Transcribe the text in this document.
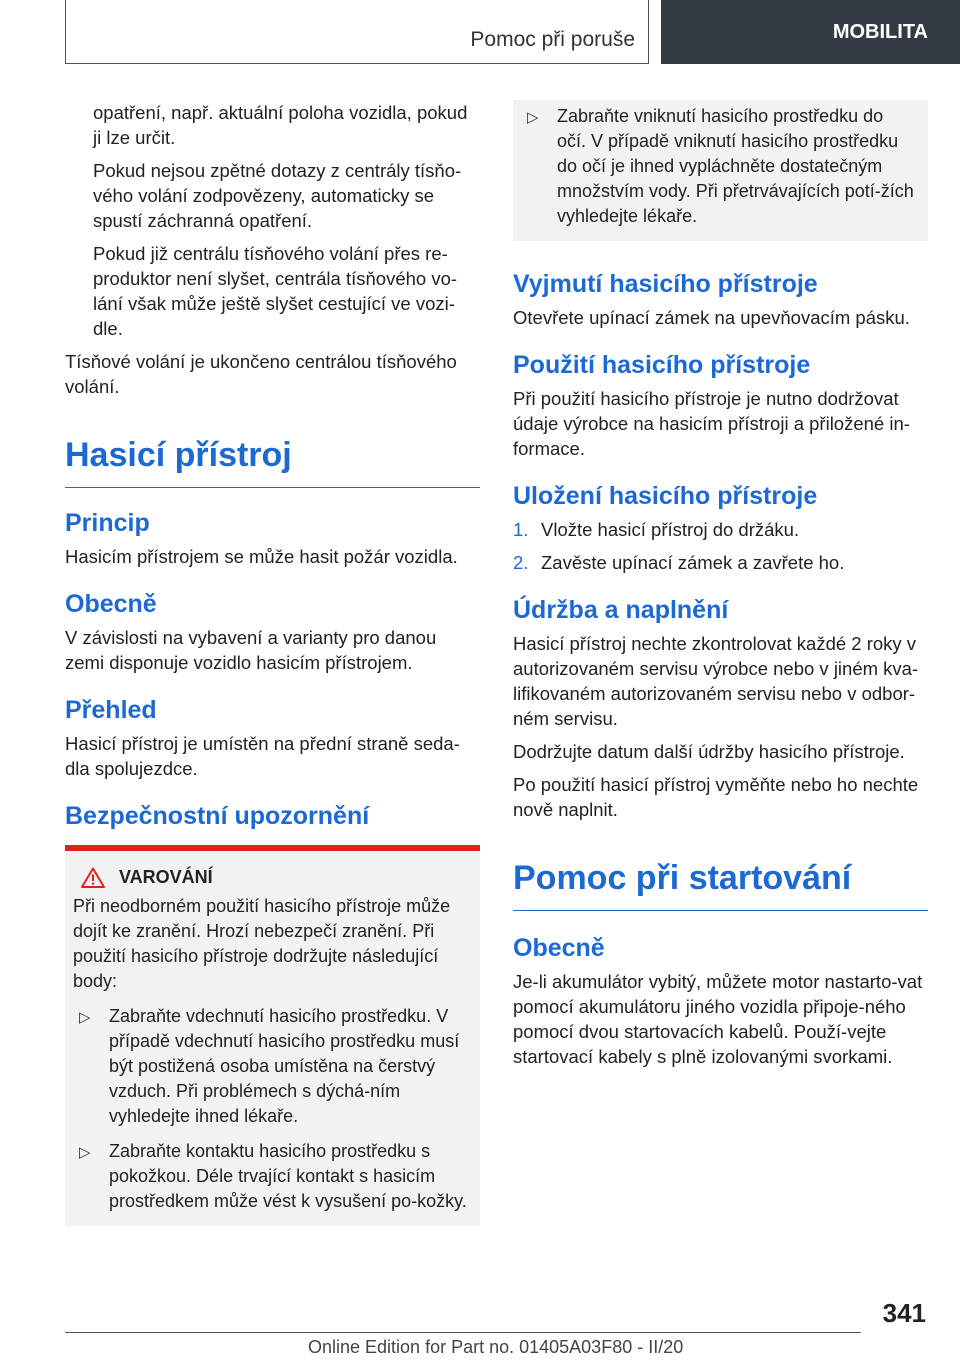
Pomoc při poruše	MOBILITA

opatření, např. aktuální poloha vozidla, pokud ji lze určit.

Pokud nejsou zpětné dotazy z centrály tísňo-vého volání zodpovězeny, automaticky se spustí záchranná opatření.

Pokud již centrálu tísňového volání přes re-produktor není slyšet, centrála tísňového vo-lání však může ještě slyšet cestující ve vozi-dle.

Tísňové volání je ukončeno centrálou tísňového volání.

Hasicí přístroj
Princip

Hasicím přístrojem se může hasit požár vozidla.

Obecně

V závislosti na vybavení a varianty pro danou zemi disponuje vozidlo hasicím přístrojem.

Přehled

Hasicí přístroj je umístěn na přední straně seda-dla spolujezdce.

Bezpečnostní upozornění
VAROVÁNÍ

Při neodborném použití hasicího přístroje může dojít ke zranění. Hrozí nebezpečí zranění. Při použití hasicího přístroje dodržujte následující body:

▷	Zabraňte vdechnutí hasicího prostředku. V případě vdechnutí hasicího prostředku musí být postižená osoba umístěna na čerstvý vzduch. Při problémech s dýchá-ním vyhledejte ihned lékaře.
▷	Zabraňte kontaktu hasicího prostředku s pokožkou. Déle trvající kontakt s hasicím prostředkem může vést k vysušení po-kožky.
▷	Zabraňte vniknutí hasicího prostředku do očí. V případě vniknutí hasicího prostředku do očí je ihned vypláchněte dostatečným množstvím vody. Při přetrvávajících potí-žích vyhledejte lékaře.
Vyjmutí hasicího přístroje

Otevřete upínací zámek na upevňovacím pásku.

Použití hasicího přístroje

Při použití hasicího přístroje je nutno dodržovat údaje výrobce na hasicím přístroji a přiložené in-formace.

Uložení hasicího přístroje
1. Vložte hasicí přístroj do držáku.
2. Zavěste upínací zámek a zavřete ho.
Údržba a naplnění

Hasicí přístroj nechte zkontrolovat každé 2 roky v autorizovaném servisu výrobce nebo v jiném kva-lifikovaném autorizovaném servisu nebo v odbor-ném servisu.

Dodržujte datum další údržby hasicího přístroje.

Po použití hasicí přístroj vyměňte nebo ho nechte nově naplnit.

Pomoc při startování
Obecně

Je-li akumulátor vybitý, můžete motor nastarto-vat pomocí akumulátoru jiného vozidla připoje-ného pomocí dvou startovacích kabelů. Použí-vejte startovací kabely s plně izolovanými svorkami.

341
Online Edition for Part no. 01405A03F80 - II/20
